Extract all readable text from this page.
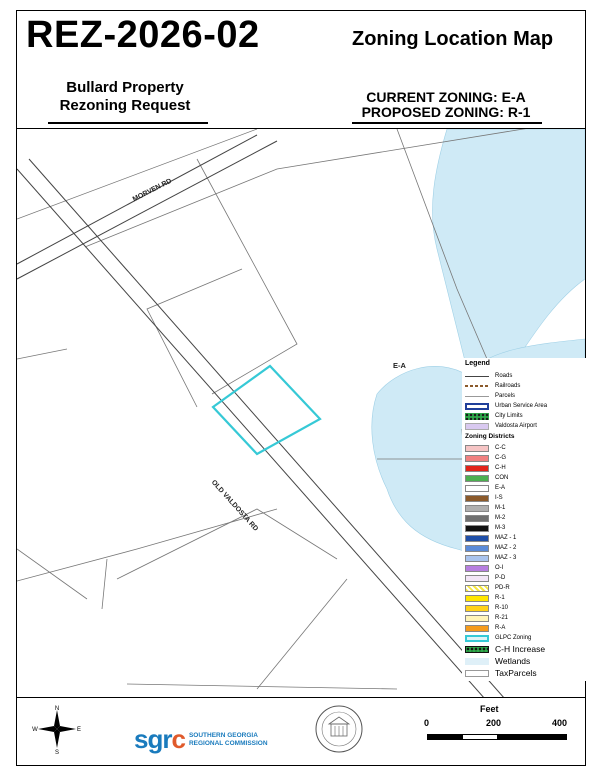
REZ-2026-02	Zoning Location Map
Bullard Property
Rezoning Request	CURRENT ZONING: E-A
PROPOSED ZONING: R-1
MORVEN RD
OLD VALDOSTA RD
E-A	Legend
Roads
Railroads
Parcels
Urban Service Area
City Limits
Valdosta Airport
Zoning Districts
C-C
C-G
C-H
CON
E-A
I-S
M-1
M-2
M-3
MAZ - 1
MAZ - 2
MAZ - 3
O-I
P-D
PD-R
R-1
R-10
R-21
R-A
GLPC Zoning
C-H Increase
Wetlands
TaxParcels
N
S
E
W	sgrc SOUTHERN GEORGIA
REGIONAL COMMISSION
Feet
0	200	400
